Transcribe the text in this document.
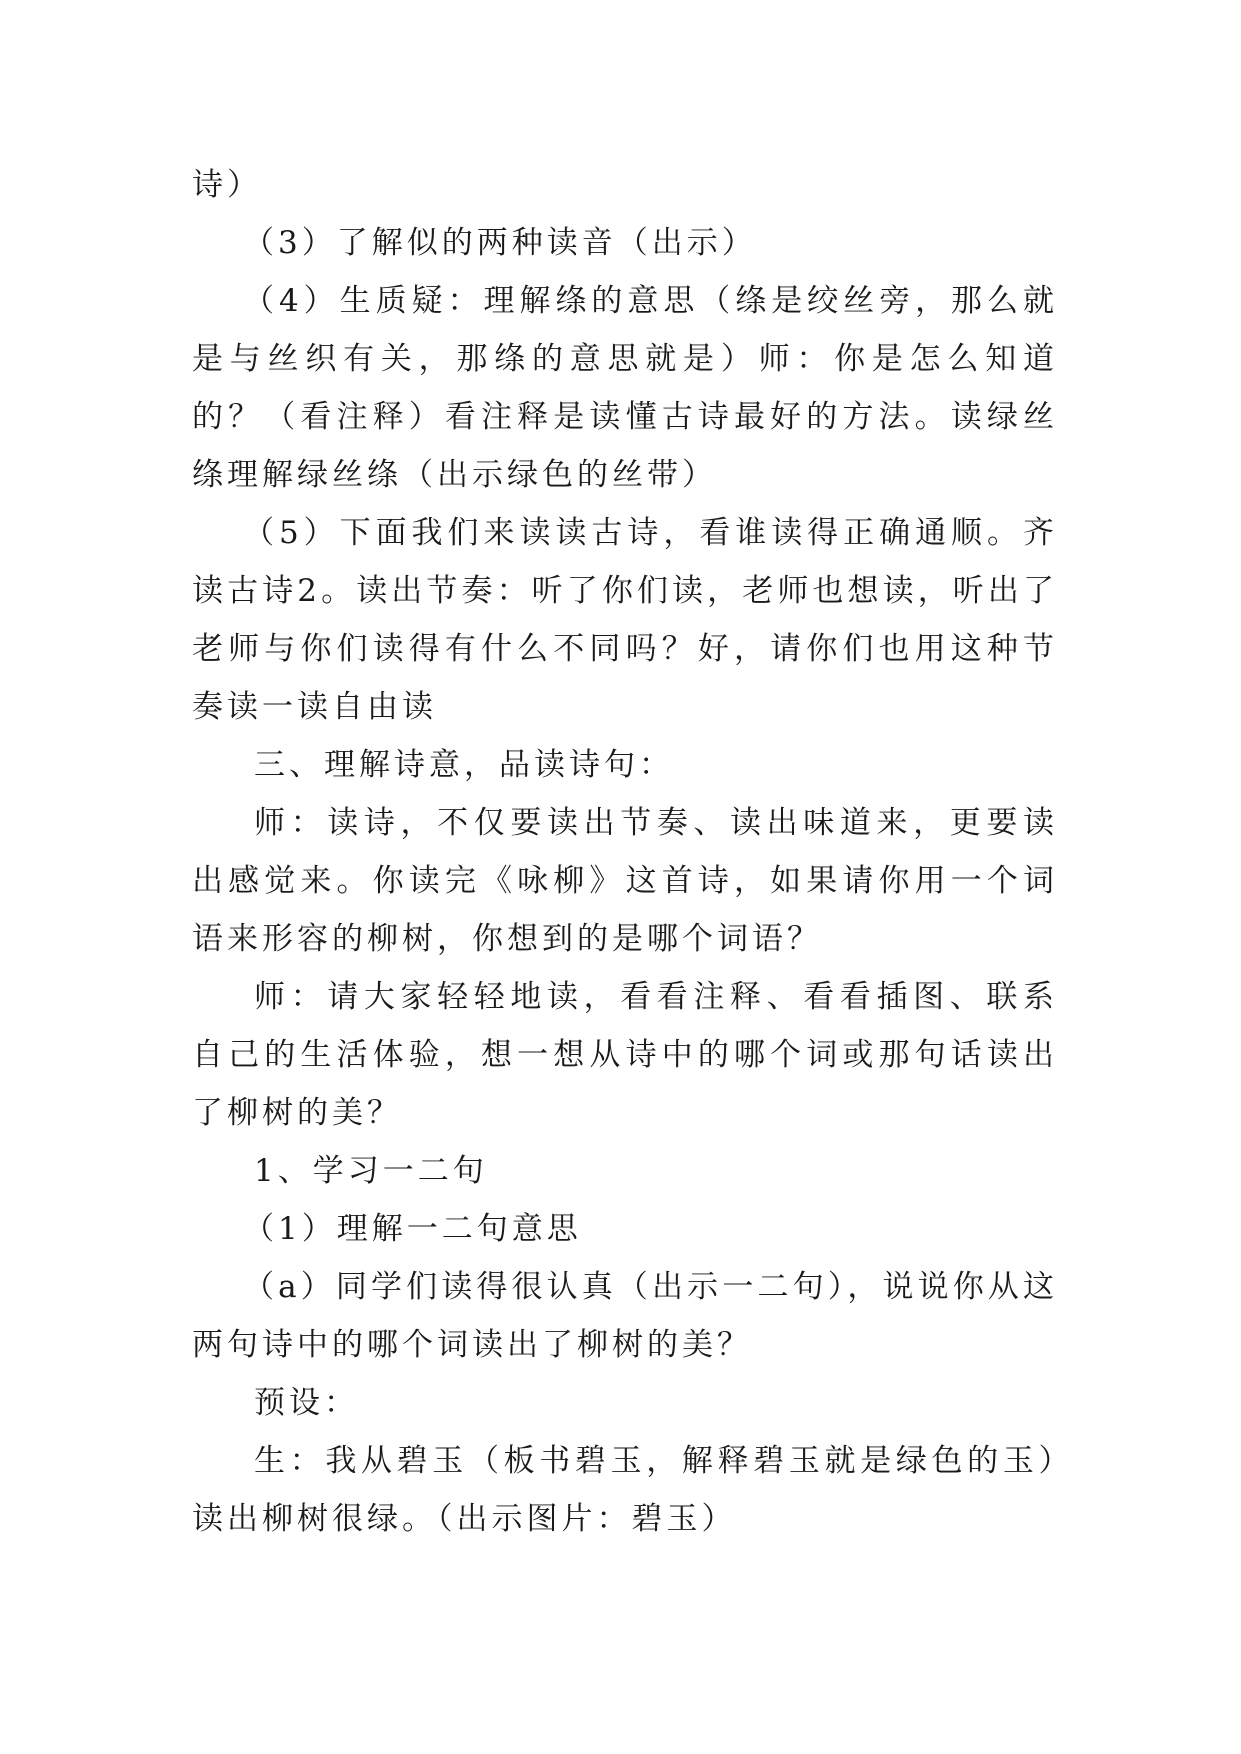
诗）

（3）了解似的两种读音（出示）

（4）生质疑：理解绦的意思（绦是绞丝旁，那么就是与丝织有关，那绦的意思就是）师：你是怎么知道的？（看注释）看注释是读懂古诗最好的方法。读绿丝绦理解绿丝绦（出示绿色的丝带）

（5）下面我们来读读古诗，看谁读得正确通顺。齐读古诗2。读出节奏：听了你们读，老师也想读，听出了老师与你们读得有什么不同吗？好，请你们也用这种节奏读一读自由读

三、理解诗意，品读诗句：

师：读诗，不仅要读出节奏、读出味道来，更要读出感觉来。你读完《咏柳》这首诗，如果请你用一个词语来形容的柳树，你想到的是哪个词语？

师：请大家轻轻地读，看看注释、看看插图、联系自己的生活体验，想一想从诗中的哪个词或那句话读出了柳树的美？

1、学习一二句

（1）理解一二句意思

（a）同学们读得很认真（出示一二句），说说你从这两句诗中的哪个词读出了柳树的美？

预设：

生：我从碧玉（板书碧玉，解释碧玉就是绿色的玉）读出柳树很绿。（出示图片：碧玉）
